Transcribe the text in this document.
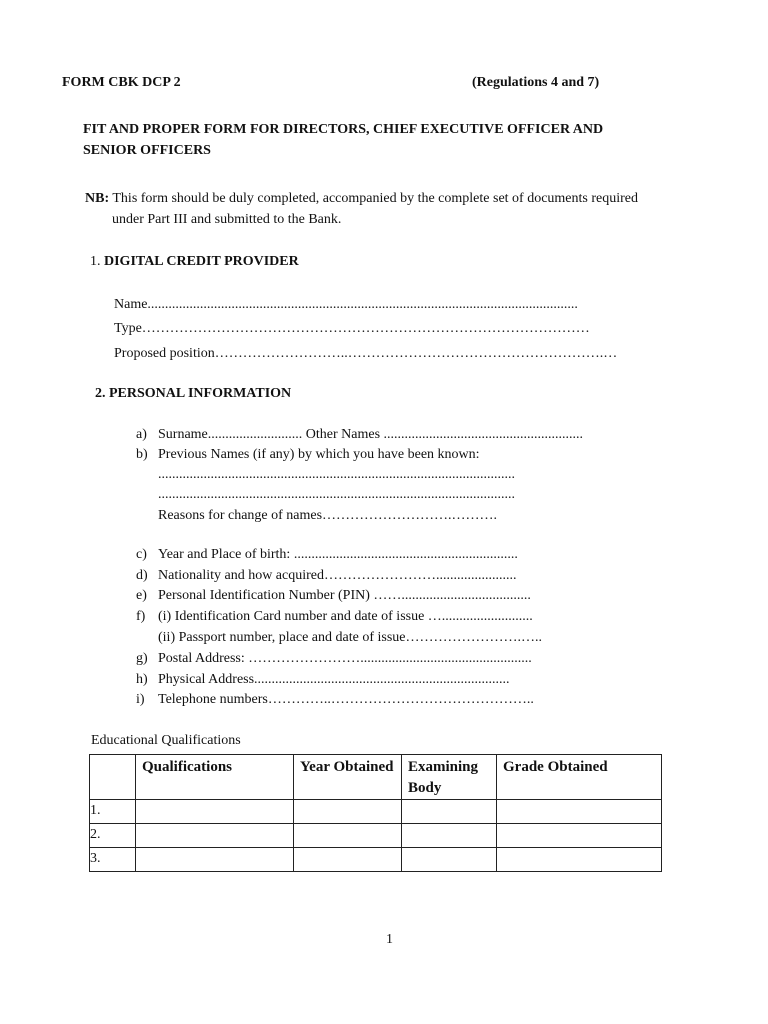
FORM CBK DCP 2	(Regulations 4 and 7)
FIT AND PROPER FORM FOR DIRECTORS, CHIEF EXECUTIVE OFFICER AND
SENIOR OFFICERS
NB: This form should be duly completed, accompanied by the complete set of documents required
under Part III and submitted to the Bank.
1. DIGITAL CREDIT PROVIDER
Name...........................................................................................................................
Type……………………………………………………………………………………
Proposed position………………………..……………………………………………….…
2. PERSONAL INFORMATION
a) Surname........................... Other Names .........................................................
b) Previous Names (if any) by which you have been known:
......................................................................................................
......................................................................................................
Reasons for change of names……………………….……….
c) Year and Place of birth: ................................................................
d) Nationality and how acquired…………………….......................
e) Personal Identification Number (PIN) …….....................................
f) (i) Identification Card number and date of issue …..........................
(ii) Passport number, place and date of issue…………………….…..
g) Postal Address: …………………….................................................
h) Physical Address.........................................................................
i) Telephone numbers…………..……………………………………..
Educational Qualifications
	Qualifications	Year Obtained	Examining Body	Grade Obtained
1.				
2.				
3.				
1
